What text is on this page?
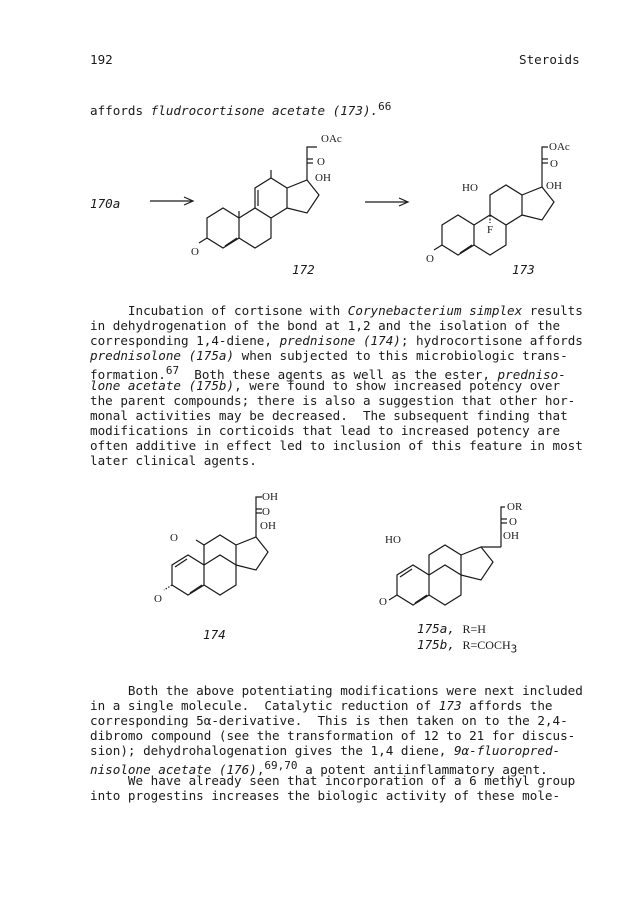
192	Steroids
affords fludrocortisone acetate (173).$^{66}$
170a
OAc
O
OH
O
172
OAc
O
OH
HO
F
O
173
Incubation of cortisone with Corynebacterium simplex results
in dehydrogenation of the bond at 1,2 and the isolation of the
corresponding 1,4-diene, prednisone (174); hydrocortisone affords
prednisolone (175a) when subjected to this microbiologic trans-
formation.$^{67}$  Both these agents as well as the ester, predniso-
lone acetate (175b), were found to show increased potency over
the parent compounds; there is also a suggestion that other hor-
monal activities may be decreased.  The subsequent finding that
modifications in corticoids that lead to increased potency are
often additive in effect led to inclusion of this feature in most
later clinical agents.
OH
O
OH
O
O
174
OR
O
OH
HO
O
175a, R=H
175b, $R=COCH_3$
Both the above potentiating modifications were next included
in a single molecule.  Catalytic reduction of 173 affords the
corresponding 5α-derivative.  This is then taken on to the 2,4-
dibromo compound (see the transformation of 12 to 21 for discus-
sion); dehydrohalogenation gives the 1,4 diene, 9α-fluoropred-
nisolone acetate (176),$^{69,70}$ a potent antiinflammatory agent.
We have already seen that incorporation of a 6 methyl group
into progestins increases the biologic activity of these mole-
